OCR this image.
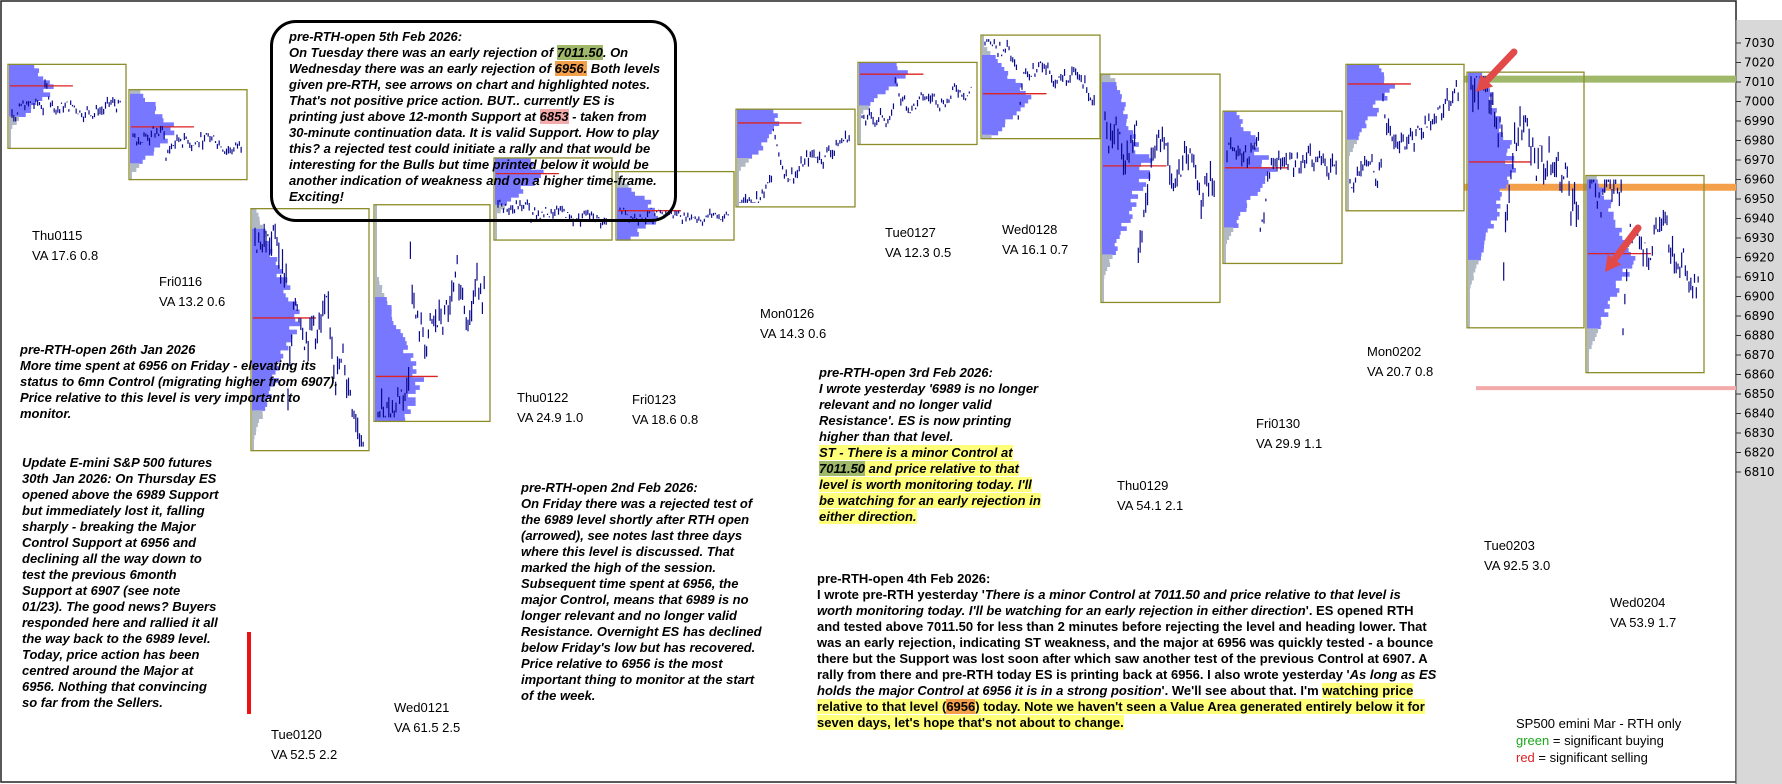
6810
6820
6830
6840
6850
6860
6870
6880
6890
6900
6910
6920
6930
6940
6950
6960
6970
6980
6990
7000
7010
7020
7030
Thu0115
VA 17.6 0.8
Fri0116
VA 13.2 0.6
Tue0120
VA 52.5 2.2
Wed0121
VA 61.5 2.5
Thu0122
VA 24.9 1.0
Fri0123
VA 18.6 0.8
Mon0126
VA 14.3 0.6
Tue0127
VA 12.3 0.5
Wed0128
VA 16.1 0.7
Thu0129
VA 54.1 2.1
Fri0130
VA 29.9 1.1
Mon0202
VA 20.7 0.8
Tue0203
VA 92.5 3.0
Wed0204
VA 53.9 1.7

pre-RTH-open 5th Feb 2026:
On Tuesday there was an early rejection of 7011.50. On Wednesday there was an early rejection of 6956. Both levels given pre-RTH, see arrows on chart and highlighted notes. That's not positive price action. BUT.. currently ES is printing just above 12-month Support at 6853 - taken from 30-minute continuation data. It is valid Support. How to play this? a rejected test could initiate a rally and that would be interesting for the Bulls but time printed below it would be another indication of weakness and on a higher time-frame. Exciting!

pre-RTH-open 26th Jan 2026
More time spent at 6956 on Friday - elevating its status to 6mn Control (migrating higher from 6907). Price relative to this level is very important to monitor.

Update E-mini S&P 500 futures 30th Jan 2026: On Thursday ES opened above the 6989 Support but immediately lost it, falling sharply - breaking the Major Control Support at 6956 and declining all the way down to test the previous 6month Support at 6907 (see note 01/23). The good news? Buyers responded here and rallied it all the way back to the 6989 level. Today, price action has been centred around the Major at 6956. Nothing that convincing so far from the Sellers.

pre-RTH-open 2nd Feb 2026:
On Friday there was a rejected test of the 6989 level shortly after RTH open (arrowed), see notes last three days where this level is discussed. That marked the high of the session. Subsequent time spent at 6956, the major Control, means that 6989 is no longer relevant and no longer valid Resistance. Overnight ES has declined below Friday's low but has recovered. Price relative to 6956 is the most important thing to monitor at the start of the week.

pre-RTH-open 3rd Feb 2026:
I wrote yesterday '6989 is no longer relevant and no longer valid Resistance'. ES is now printing higher than that level.
ST - There is a minor Control at 7011.50 and price relative to that level is worth monitoring today. I'll be watching for an early rejection in either direction.

pre-RTH-open 4th Feb 2026:
I wrote pre-RTH yesterday 'There is a minor Control at 7011.50 and price relative to that level is worth monitoring today. I'll be watching for an early rejection in either direction'. ES opened RTH and tested above 7011.50 for less than 2 minutes before rejecting the level and heading lower. That was an early rejection, indicating ST weakness, and the major at 6956 was quickly tested - a bounce there but the Support was lost soon after which saw another test of the previous Control at 6907. A rally from there and pre-RTH today ES is printing back at 6956. I also wrote yesterday 'As long as ES holds the major Control at 6956 it is in a strong position'. We'll see about that. I'm watching price relative to that level (6956) today. Note we haven't seen a Value Area generated entirely below it for seven days, let's hope that's not about to change.	SP500 emini Mar - RTH only
green = significant buying
red = significant selling
